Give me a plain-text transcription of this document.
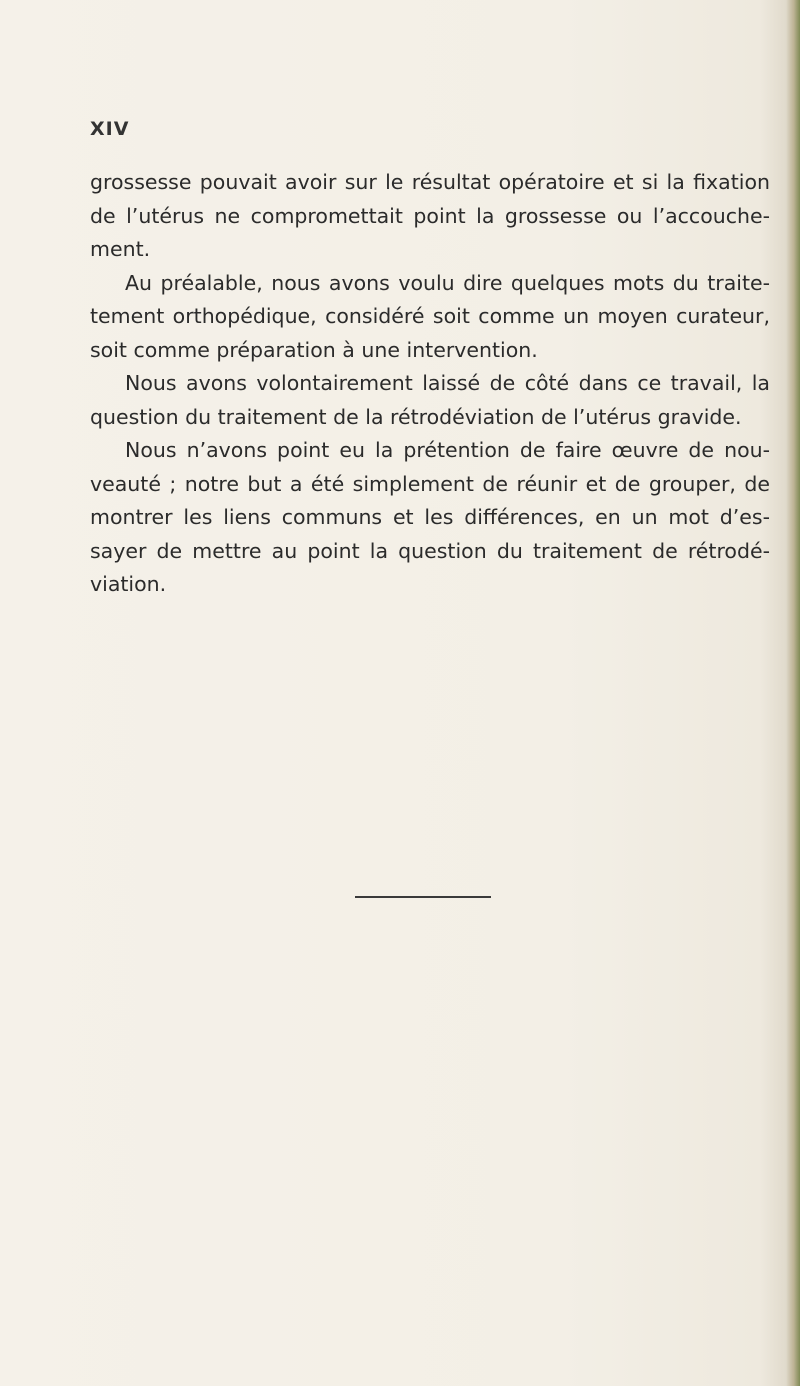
XIV

grossesse pouvait avoir sur le résultat opératoire et si la fixation de l’utérus ne compromettait point la grossesse ou l’accouche-ment.

Au préalable, nous avons voulu dire quelques mots du traite-tement orthopédique, considéré soit comme un moyen curateur, soit comme préparation à une intervention.

Nous avons volontairement laissé de côté dans ce travail, la question du traitement de la rétrodéviation de l’utérus gravide.

Nous n’avons point eu la prétention de faire œuvre de nou-veauté ; notre but a été simplement de réunir et de grouper, de montrer les liens communs et les différences, en un mot d’es-sayer de mettre au point la question du traitement de rétrodé-viation.
